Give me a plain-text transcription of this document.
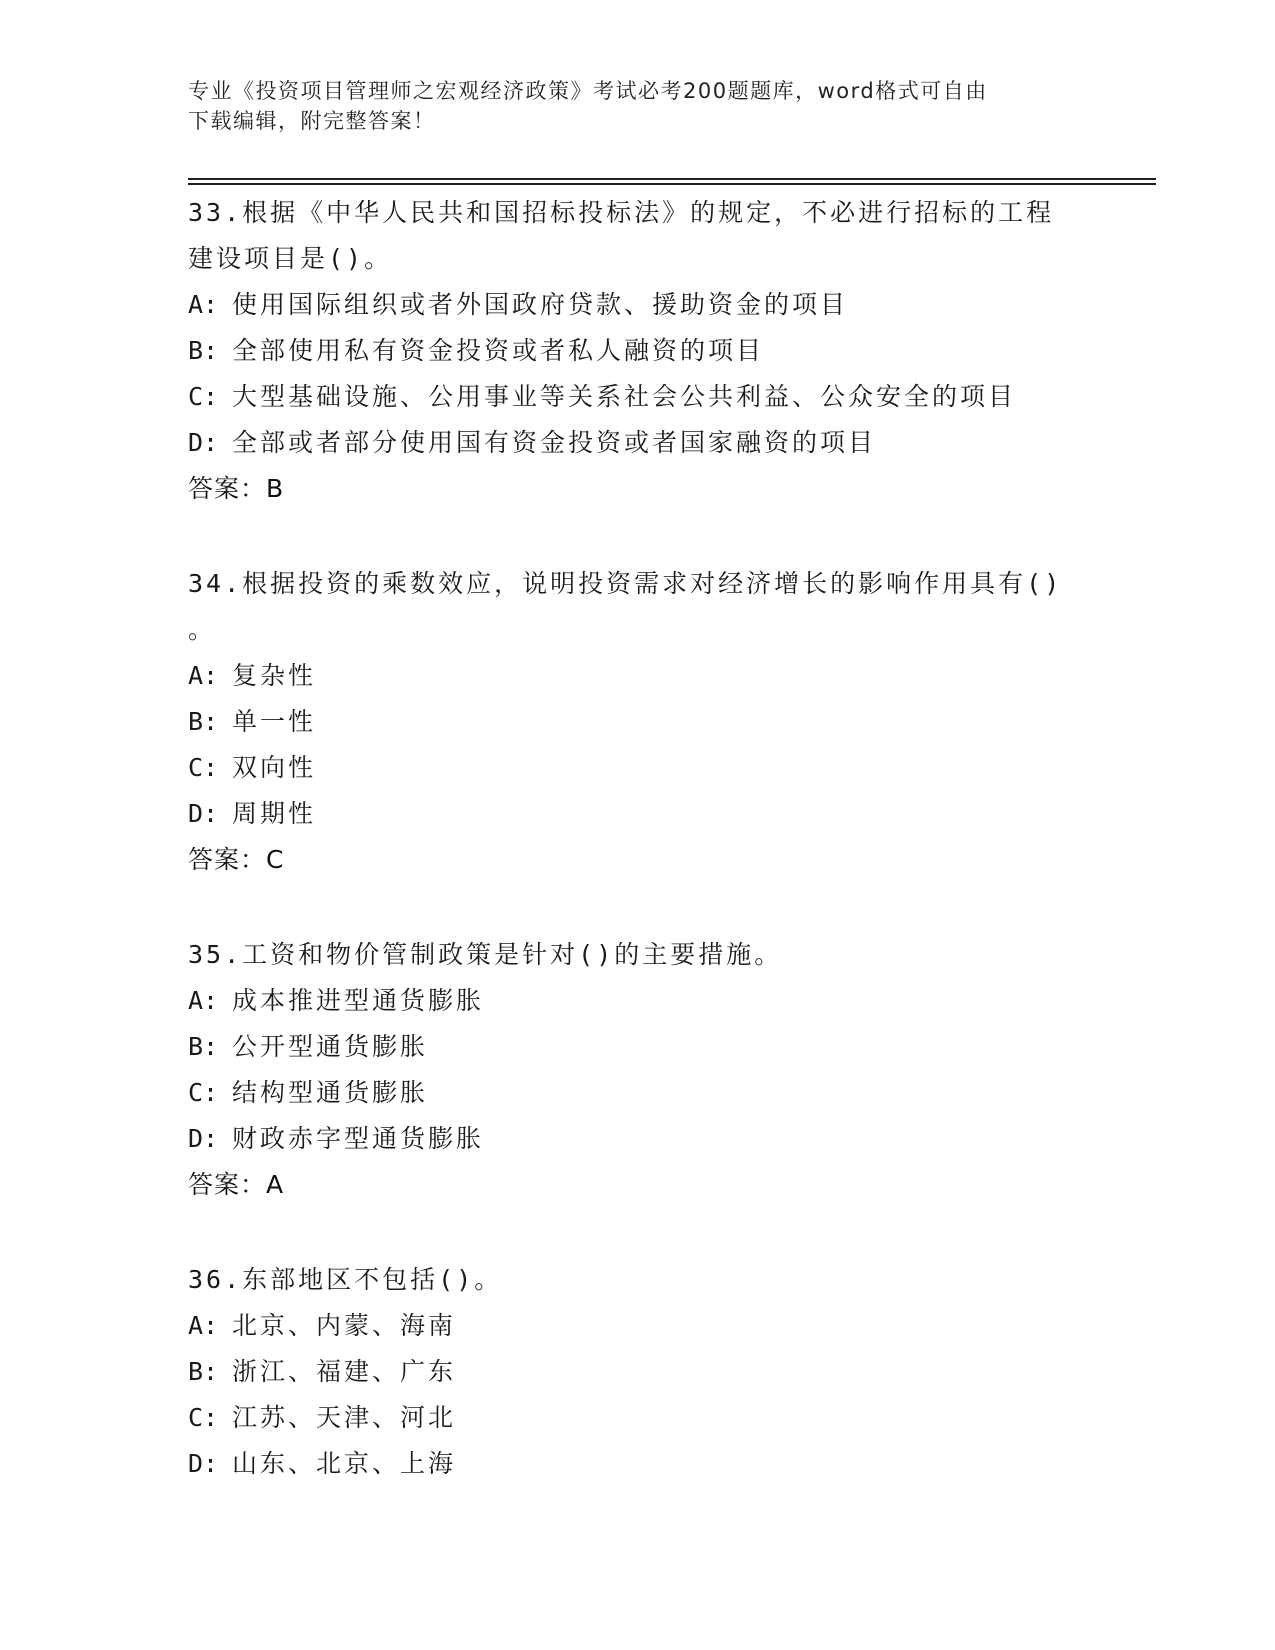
专业《投资项目管理师之宏观经济政策》考试必考200题题库，word格式可自由
下载编辑，附完整答案！

33.根据《中华人民共和国招标投标法》的规定，不必进行招标的工程

建设项目是()。

A: 使用国际组织或者外国政府贷款、援助资金的项目
B: 全部使用私有资金投资或者私人融资的项目
C: 大型基础设施、公用事业等关系社会公共利益、公众安全的项目
D: 全部或者部分使用国有资金投资或者国家融资的项目
答案：B

34.根据投资的乘数效应，说明投资需求对经济增长的影响作用具有()

。

A: 复杂性
B: 单一性
C: 双向性
D: 周期性
答案：C

35.工资和物价管制政策是针对()的主要措施。

A: 成本推进型通货膨胀
B: 公开型通货膨胀
C: 结构型通货膨胀
D: 财政赤字型通货膨胀
答案：A

36.东部地区不包括()。

A: 北京、内蒙、海南
B: 浙江、福建、广东
C: 江苏、天津、河北
D: 山东、北京、上海
